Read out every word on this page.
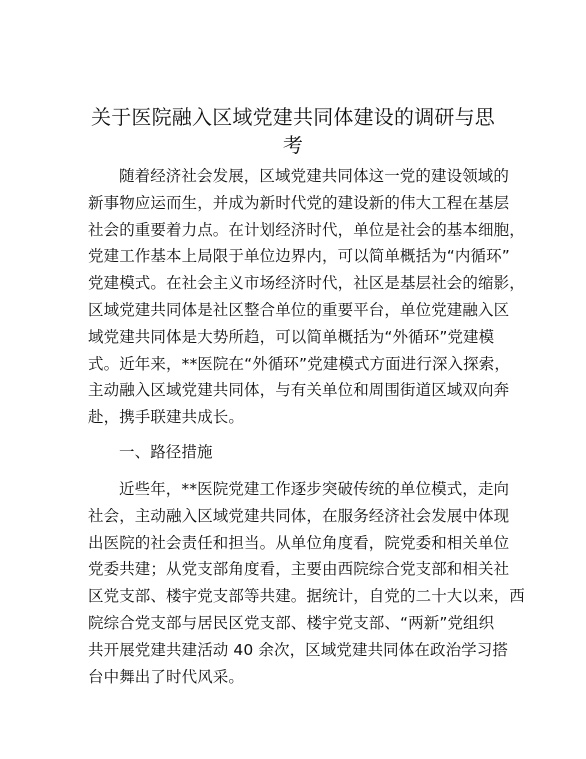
关于医院融入区域党建共同体建设的调研与思
考
随着经济社会发展，区域党建共同体这一党的建设领域的
新事物应运而生，并成为新时代党的建设新的伟大工程在基层
社会的重要着力点。在计划经济时代，单位是社会的基本细胞，
党建工作基本上局限于单位边界内，可以简单概括为“内循环”
党建模式。在社会主义市场经济时代，社区是基层社会的缩影，
区域党建共同体是社区整合单位的重要平台，单位党建融入区
域党建共同体是大势所趋，可以简单概括为“外循环”党建模
式。近年来，**医院在“外循环”党建模式方面进行深入探索，
主动融入区域党建共同体，与有关单位和周围街道区域双向奔
赴，携手联建共成长。
一、路径措施
近些年，**医院党建工作逐步突破传统的单位模式，走向
社会，主动融入区域党建共同体，在服务经济社会发展中体现
出医院的社会责任和担当。从单位角度看，院党委和相关单位
党委共建；从党支部角度看，主要由西院综合党支部和相关社
区党支部、楼宇党支部等共建。据统计，自党的二十大以来，西
院综合党支部与居民区党支部、楼宇党支部、“两新”党组织
共开展党建共建活动 40 余次，区域党建共同体在政治学习搭
台中舞出了时代风采。
